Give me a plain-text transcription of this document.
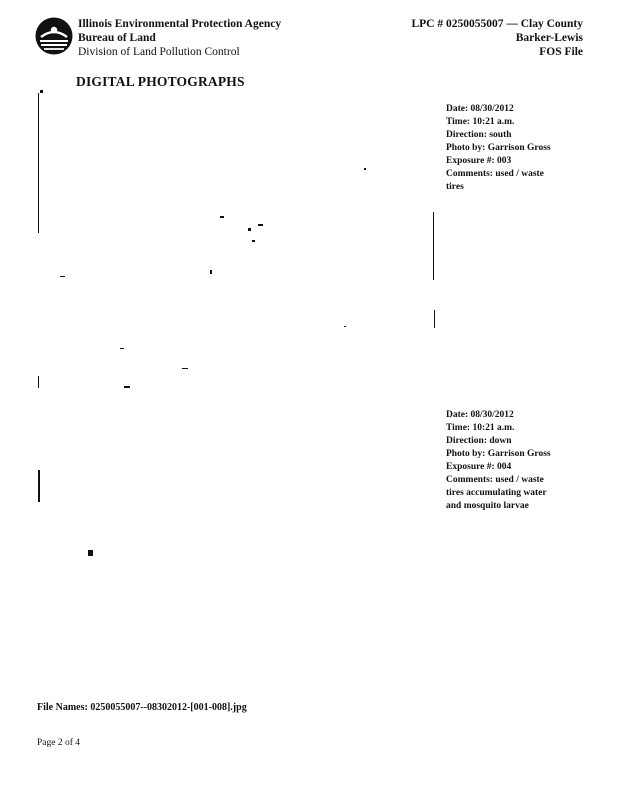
Illinois Environmental Protection Agency
Bureau of Land
Division of Land Pollution Control
LPC # 0250055007 — Clay County
Barker-Lewis
FOS File
DIGITAL PHOTOGRAPHS
Date: 08/30/2012
Time: 10:21 a.m.
Direction: south
Photo by: Garrison Gross
Exposure #: 003
Comments: used / waste
tires
Date: 08/30/2012
Time: 10:21 a.m.
Direction: down
Photo by: Garrison Gross
Exposure #: 004
Comments: used / waste
tires accumulating water
and mosquito larvae
File Names: 0250055007--08302012-[001-008].jpg
Page 2 of 4
